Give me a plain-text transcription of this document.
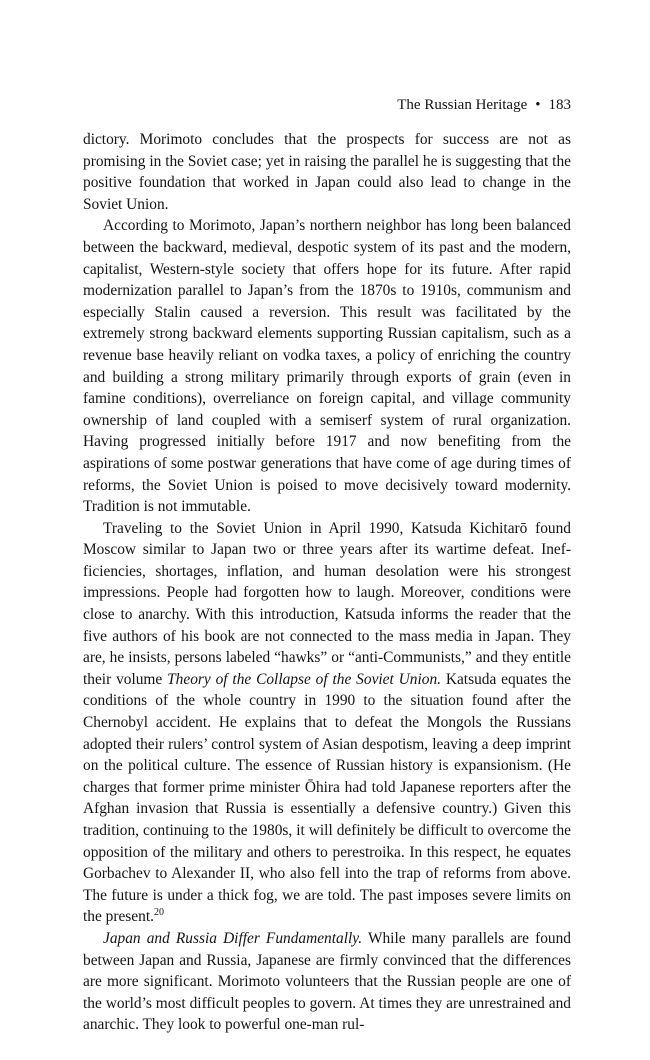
The Russian Heritage • 183

dictory. Morimoto concludes that the prospects for success are not as promising in the Soviet case; yet in raising the parallel he is suggesting that the positive foundation that worked in Japan could also lead to change in the Soviet Union.

According to Morimoto, Japan’s northern neighbor has long been balanced between the backward, medieval, despotic system of its past and the modern, capitalist, Western-style society that offers hope for its future. After rapid modernization parallel to Japan’s from the 1870s to 1910s, communism and especially Stalin caused a reversion. This result was facilitated by the extremely strong backward elements supporting Russian capitalism, such as a revenue base heavily reliant on vodka taxes, a policy of enriching the country and building a strong military primarily through exports of grain (even in famine conditions), overreliance on foreign capital, and village community ownership of land coupled with a semiserf system of rural organization. Having progressed initially before 1917 and now benefiting from the aspirations of some postwar generations that have come of age during times of reforms, the Soviet Union is poised to move decisively toward modernity. Tradition is not immutable.

Traveling to the Soviet Union in April 1990, Katsuda Kichitarō found Moscow similar to Japan two or three years after its wartime defeat. Inefficiencies, shortages, inflation, and human desolation were his strongest impressions. People had forgotten how to laugh. Moreover, conditions were close to anarchy. With this introduction, Katsuda informs the reader that the five authors of his book are not connected to the mass media in Japan. They are, he insists, persons labeled “hawks” or “anti-Communists,” and they entitle their volume Theory of the Collapse of the Soviet Union. Katsuda equates the conditions of the whole country in 1990 to the situation found after the Chernobyl accident. He explains that to defeat the Mongols the Russians adopted their rulers’ control system of Asian despotism, leaving a deep imprint on the political culture. The essence of Russian history is expansionism. (He charges that former prime minister Ōhira had told Japanese reporters after the Afghan invasion that Russia is essentially a defensive country.) Given this tradition, continuing to the 1980s, it will definitely be difficult to overcome the opposition of the military and others to perestroika. In this respect, he equates Gorbachev to Alexander II, who also fell into the trap of reforms from above. The future is under a thick fog, we are told. The past imposes severe limits on the present.$^{20}$

Japan and Russia Differ Fundamentally. While many parallels are found between Japan and Russia, Japanese are firmly convinced that the differences are more significant. Morimoto volunteers that the Russian people are one of the world’s most difficult peoples to govern. At times they are unrestrained and anarchic. They look to powerful one-man rul-
